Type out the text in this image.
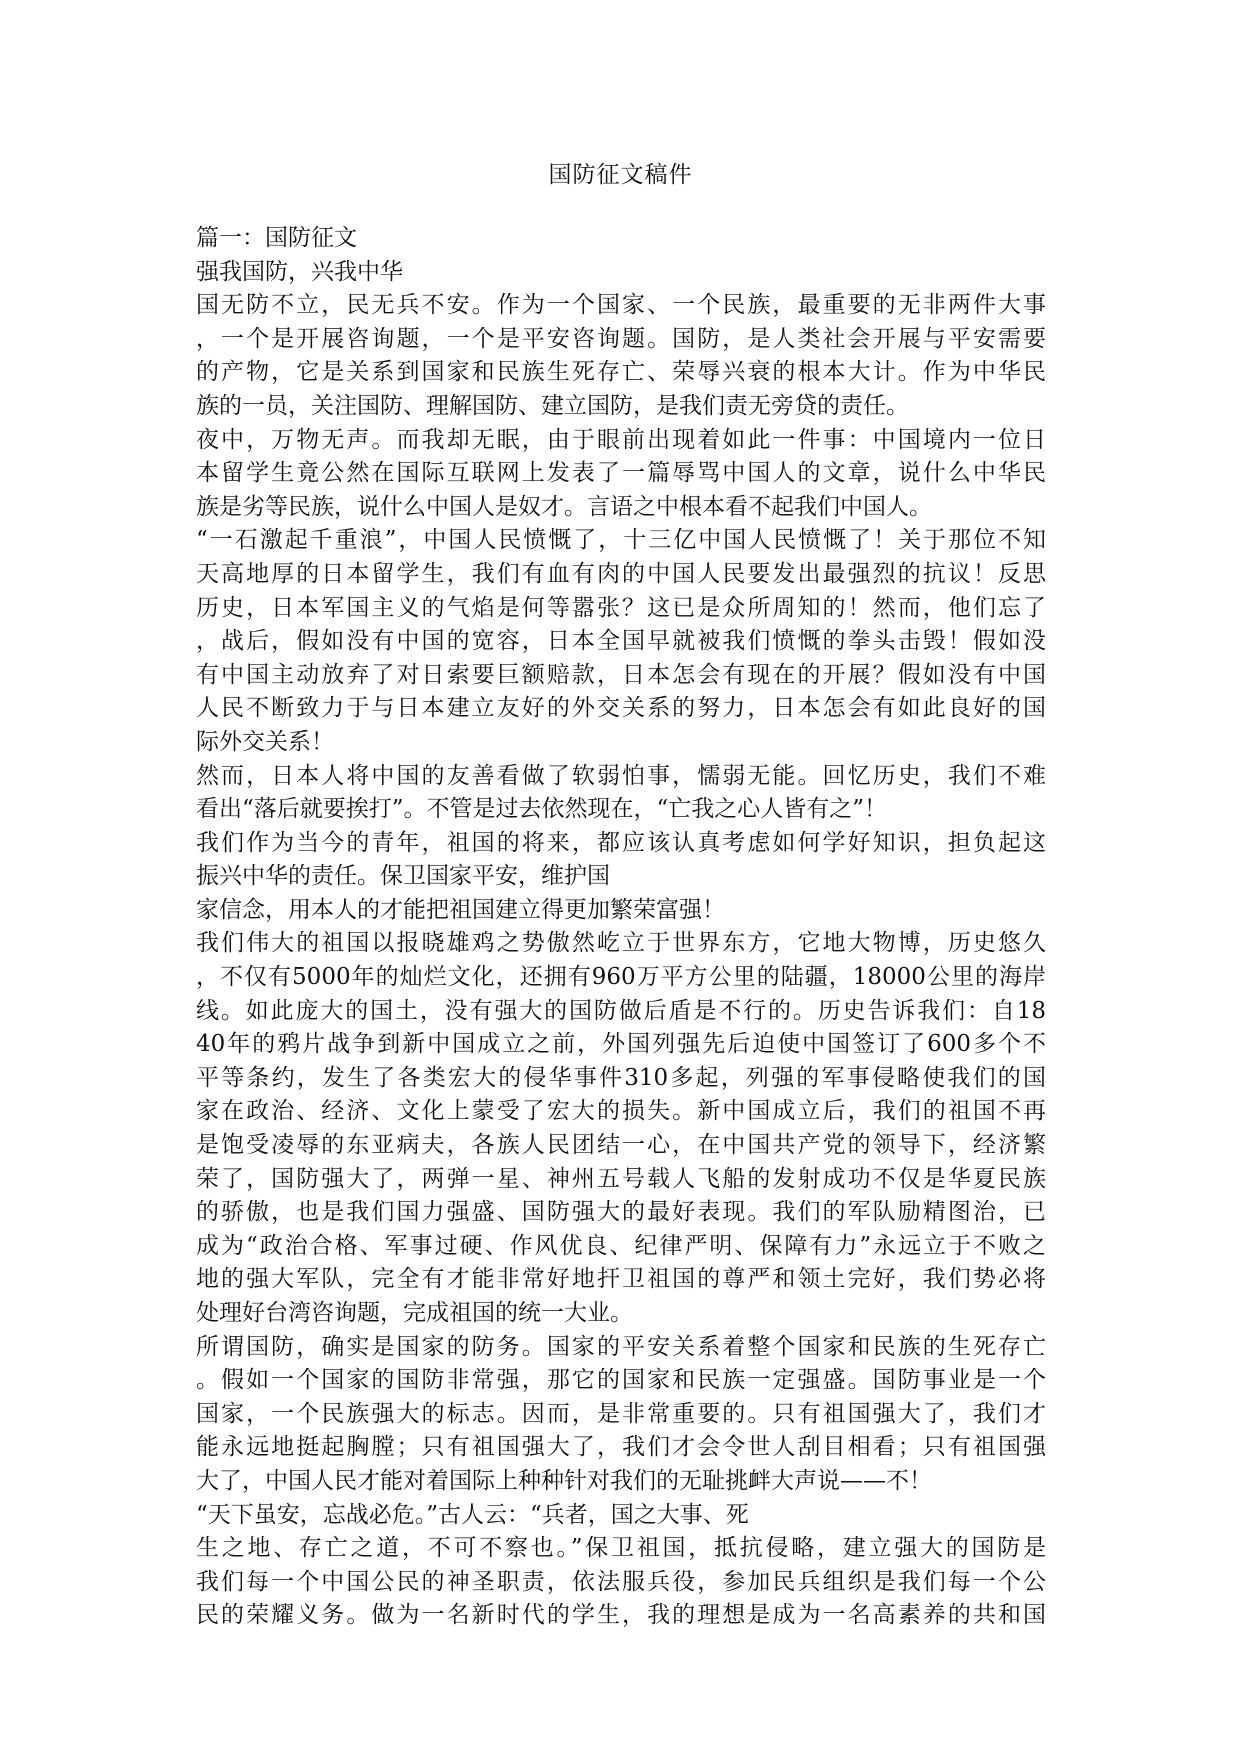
国防征文稿件
篇一：国防征文
强我国防，兴我中华
国无防不立，民无兵不安。作为一个国家、一个民族，最重要的无非两件大事
，一个是开展咨询题，一个是平安咨询题。国防，是人类社会开展与平安需要
的产物，它是关系到国家和民族生死存亡、荣辱兴衰的根本大计。作为中华民
族的一员，关注国防、理解国防、建立国防，是我们责无旁贷的责任。
夜中，万物无声。而我却无眠，由于眼前出现着如此一件事：中国境内一位日
本留学生竟公然在国际互联网上发表了一篇辱骂中国人的文章，说什么中华民
族是劣等民族，说什么中国人是奴才。言语之中根本看不起我们中国人。
“一石激起千重浪”，中国人民愤慨了，十三亿中国人民愤慨了！关于那位不知
天高地厚的日本留学生，我们有血有肉的中国人民要发出最强烈的抗议！反思
历史，日本军国主义的气焰是何等嚣张？这已是众所周知的！然而，他们忘了
，战后，假如没有中国的宽容，日本全国早就被我们愤慨的拳头击毁！假如没
有中国主动放弃了对日索要巨额赔款，日本怎会有现在的开展？假如没有中国
人民不断致力于与日本建立友好的外交关系的努力，日本怎会有如此良好的国
际外交关系！
然而，日本人将中国的友善看做了软弱怕事，懦弱无能。回忆历史，我们不难
看出“落后就要挨打”。不管是过去依然现在，“亡我之心人皆有之”！
我们作为当今的青年，祖国的将来，都应该认真考虑如何学好知识，担负起这
振兴中华的责任。保卫国家平安，维护国
家信念，用本人的才能把祖国建立得更加繁荣富强！
我们伟大的祖国以报晓雄鸡之势傲然屹立于世界东方，它地大物博，历史悠久
，不仅有5000年的灿烂文化，还拥有960万平方公里的陆疆，18000公里的海岸
线。如此庞大的国土，没有强大的国防做后盾是不行的。历史告诉我们：自18
40年的鸦片战争到新中国成立之前，外国列强先后迫使中国签订了600多个不
平等条约，发生了各类宏大的侵华事件310多起，列强的军事侵略使我们的国
家在政治、经济、文化上蒙受了宏大的损失。新中国成立后，我们的祖国不再
是饱受凌辱的东亚病夫，各族人民团结一心，在中国共产党的领导下，经济繁
荣了，国防强大了，两弹一星、神州五号载人飞船的发射成功不仅是华夏民族
的骄傲，也是我们国力强盛、国防强大的最好表现。我们的军队励精图治，已
成为“政治合格、军事过硬、作风优良、纪律严明、保障有力”永远立于不败之
地的强大军队，完全有才能非常好地扞卫祖国的尊严和领土完好，我们势必将
处理好台湾咨询题，完成祖国的统一大业。
所谓国防，确实是国家的防务。国家的平安关系着整个国家和民族的生死存亡
。假如一个国家的国防非常强，那它的国家和民族一定强盛。国防事业是一个
国家，一个民族强大的标志。因而，是非常重要的。只有祖国强大了，我们才
能永远地挺起胸膛；只有祖国强大了，我们才会令世人刮目相看；只有祖国强
大了，中国人民才能对着国际上种种针对我们的无耻挑衅大声说——不！
“天下虽安，忘战必危。”古人云：“兵者，国之大事、死
生之地、存亡之道，不可不察也。”保卫祖国，抵抗侵略，建立强大的国防是
我们每一个中国公民的神圣职责，依法服兵役，参加民兵组织是我们每一个公
民的荣耀义务。做为一名新时代的学生，我的理想是成为一名高素养的共和国
